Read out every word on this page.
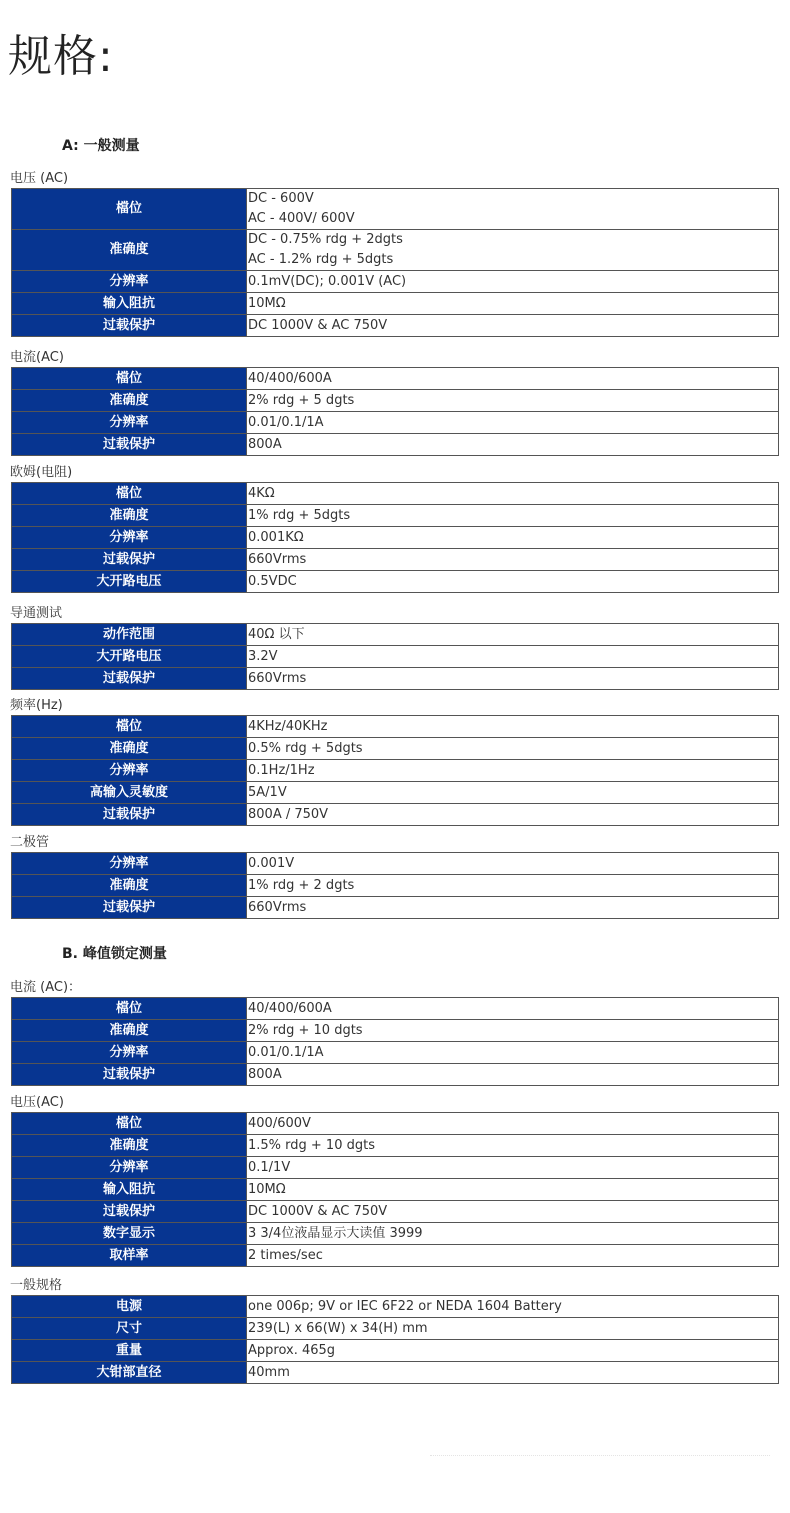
规格:
A: 一般测量
B. 峰值锁定测量
电压 (AC)
檔位	DC - 600V
AC - 400V/ 600V

准确度	DC - 0.75% rdg + 2dgts
AC - 1.2% rdg + 5dgts

分辨率	0.1mV(DC); 0.001V (AC)

输入阻抗	10MΩ

过载保护	DC 1000V & AC 750V
电流(AC)
檔位	40/400/600A

准确度	2% rdg + 5 dgts

分辨率	0.01/0.1/1A

过载保护	800A
欧姆(电阻)
檔位	4KΩ

准确度	1% rdg + 5dgts

分辨率	0.001KΩ

过载保护	660Vrms

大开路电压	0.5VDC
导通测试
动作范围	40Ω 以下

大开路电压	3.2V

过载保护	660Vrms
频率(Hz)
檔位	4KHz/40KHz

准确度	0.5% rdg + 5dgts

分辨率	0.1Hz/1Hz

高输入灵敏度	5A/1V

过载保护	800A / 750V
二极管
分辨率	0.001V

准确度	1% rdg + 2 dgts

过载保护	660Vrms
电流 (AC)：
檔位	40/400/600A

准确度	2% rdg + 10 dgts

分辨率	0.01/0.1/1A

过载保护	800A
电压(AC)
檔位	400/600V

准确度	1.5% rdg + 10 dgts

分辨率	0.1/1V

输入阻抗	10MΩ

过载保护	DC 1000V & AC 750V

数字显示	3 3/4位液晶显示大读值 3999

取样率	2 times/sec
一般规格
电源	one 006p; 9V or IEC 6F22 or NEDA 1604 Battery

尺寸	239(L) x 66(W) x 34(H) mm

重量	Approx. 465g

大钳部直径	40mm
